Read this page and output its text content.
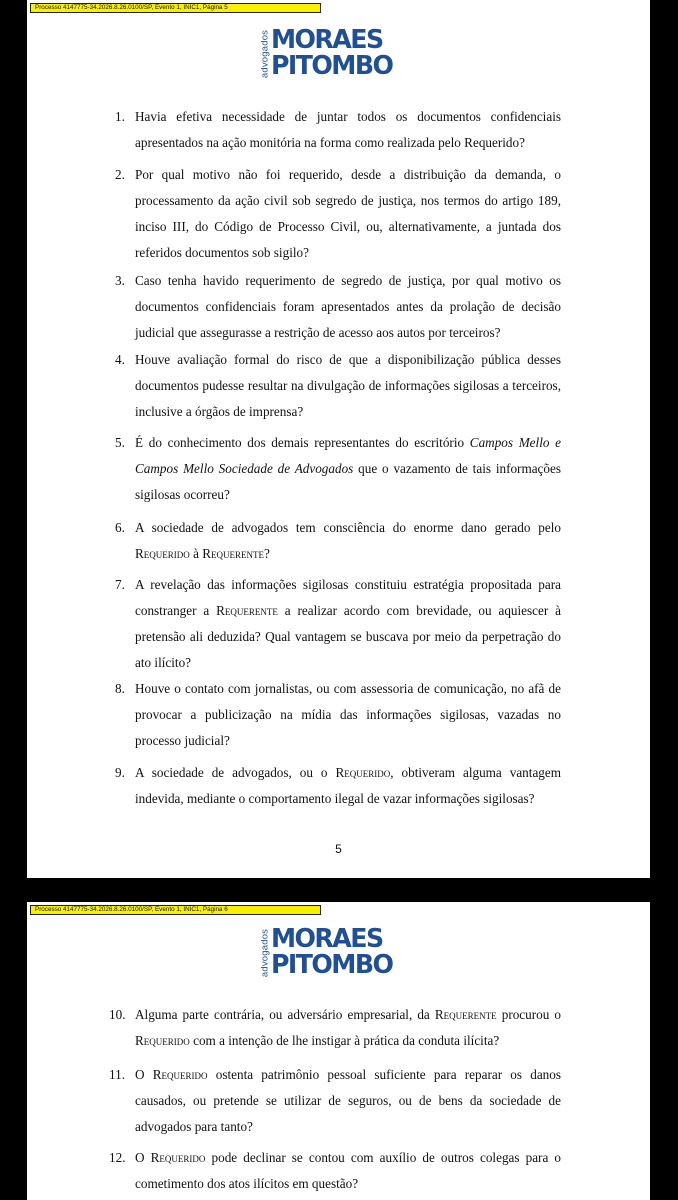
Processo 4147775-34.2026.8.26.0100/SP, Evento 1, INIC1, Página 5
advogados MORAES
PITOMBO
1. Havia efetiva necessidade de juntar todos os documentos confidenciais apresentados na ação monitória na forma como realizada pelo Requerido?
2. Por qual motivo não foi requerido, desde a distribuição da demanda, o processamento da ação civil sob segredo de justiça, nos termos do artigo 189, inciso III, do Código de Processo Civil, ou, alternativamente, a juntada dos referidos documentos sob sigilo?
3. Caso tenha havido requerimento de segredo de justiça, por qual motivo os documentos confidenciais foram apresentados antes da prolação de decisão judicial que assegurasse a restrição de acesso aos autos por terceiros?
4. Houve avaliação formal do risco de que a disponibilização pública desses documentos pudesse resultar na divulgação de informações sigilosas a terceiros, inclusive a órgãos de imprensa?
5. É do conhecimento dos demais representantes do escritório Campos Mello e Campos Mello Sociedade de Advogados que o vazamento de tais informações sigilosas ocorreu?
6. A sociedade de advogados tem consciência do enorme dano gerado pelo Requerido à Requerente?
7. A revelação das informações sigilosas constituiu estratégia propositada para constranger a Requerente a realizar acordo com brevidade, ou aquiescer à pretensão ali deduzida? Qual vantagem se buscava por meio da perpetração do ato ilícito?
8. Houve o contato com jornalistas, ou com assessoria de comunicação, no afã de provocar a publicização na mídia das informações sigilosas, vazadas no processo judicial?
9. A sociedade de advogados, ou o Requerido, obtiveram alguma vantagem indevida, mediante o comportamento ilegal de vazar informações sigilosas?
5
Processo 4147775-34.2026.8.26.0100/SP, Evento 1, INIC1, Página 6
advogados MORAES
PITOMBO
10. Alguma parte contrária, ou adversário empresarial, da Requerente procurou o Requerido com a intenção de lhe instigar à prática da conduta ilícita?
11. O Requerido ostenta patrimônio pessoal suficiente para reparar os danos causados, ou pretende se utilizar de seguros, ou de bens da sociedade de advogados para tanto?
12. O Requerido pode declinar se contou com auxílio de outros colegas para o cometimento dos atos ilícitos em questão?
